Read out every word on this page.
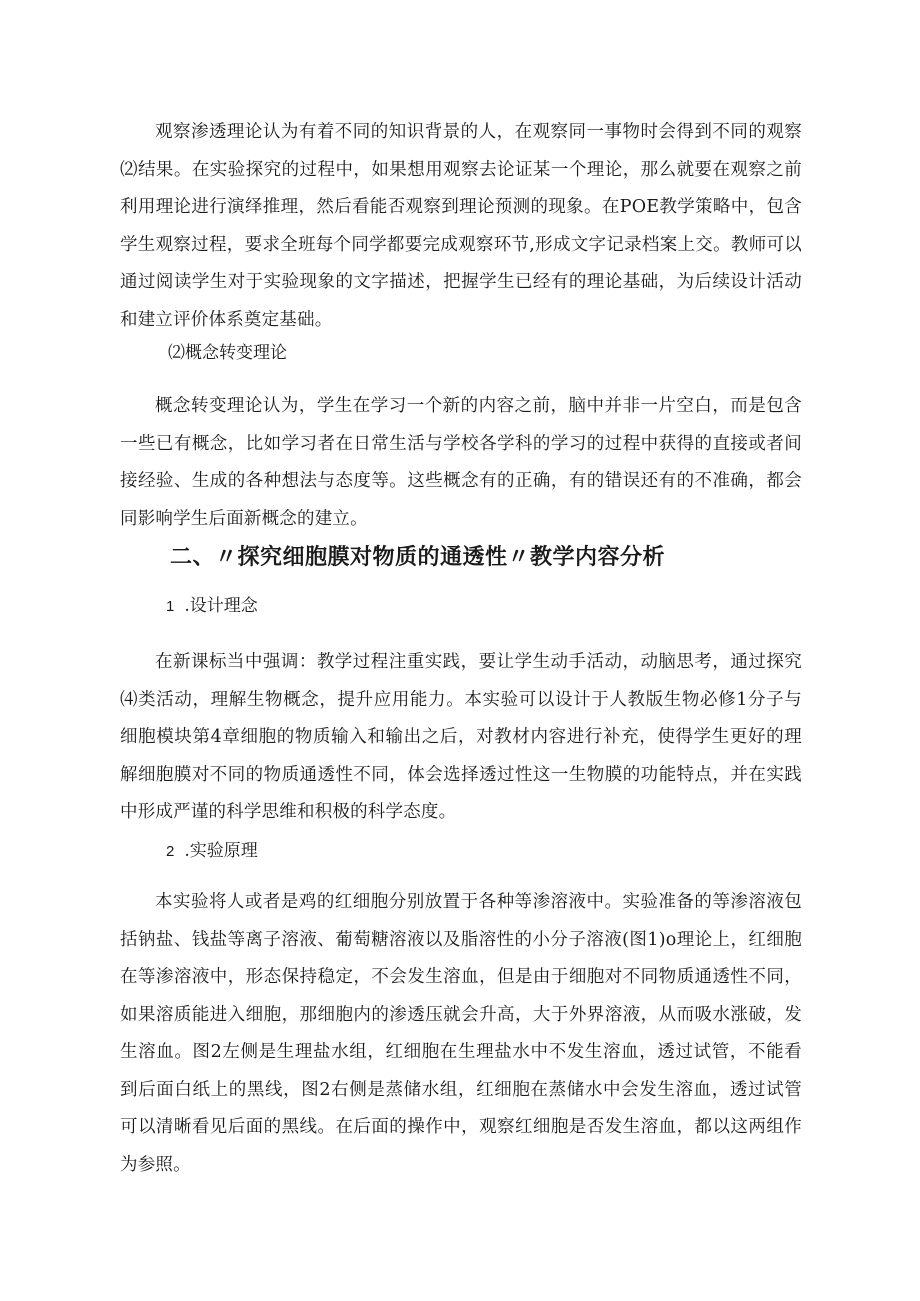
观察渗透理论认为有着不同的知识背景的人，在观察同一事物时会得到不同的观察⑵结果。在实验探究的过程中，如果想用观察去论证某一个理论，那么就要在观察之前利用理论进行演绎推理，然后看能否观察到理论预测的现象。在POE教学策略中，包含学生观察过程，要求全班每个同学都要完成观察环节,形成文字记录档案上交。教师可以通过阅读学生对于实验现象的文字描述，把握学生已经有的理论基础，为后续设计活动和建立评价体系奠定基础。

⑵概念转变理论

概念转变理论认为，学生在学习一个新的内容之前，脑中并非一片空白，而是包含一些已有概念，比如学习者在日常生活与学校各学科的学习的过程中获得的直接或者间接经验、生成的各种想法与态度等。这些概念有的正确，有的错误还有的不准确，都会同影响学生后面新概念的建立。

二、〃探究细胞膜对物质的通透性〃教学内容分析

1 .设计理念

在新课标当中强调：教学过程注重实践，要让学生动手活动，动脑思考，通过探究⑷类活动，理解生物概念，提升应用能力。本实验可以设计于人教版生物必修1分子与细胞模块第4章细胞的物质输入和输出之后，对教材内容进行补充，使得学生更好的理解细胞膜对不同的物质通透性不同，体会选择透过性这一生物膜的功能特点，并在实践中形成严谨的科学思维和积极的科学态度。

2 .实验原理

本实验将人或者是鸡的红细胞分别放置于各种等渗溶液中。实验准备的等渗溶液包括钠盐、钱盐等离子溶液、葡萄糖溶液以及脂溶性的小分子溶液(图1)o理论上，红细胞在等渗溶液中，形态保持稳定，不会发生溶血，但是由于细胞对不同物质通透性不同，如果溶质能进入细胞，那细胞内的渗透压就会升高，大于外界溶液，从而吸水涨破，发生溶血。图2左侧是生理盐水组，红细胞在生理盐水中不发生溶血，透过试管，不能看到后面白纸上的黑线，图2右侧是蒸储水组，红细胞在蒸储水中会发生溶血，透过试管可以清晰看见后面的黑线。在后面的操作中，观察红细胞是否发生溶血，都以这两组作为参照。
